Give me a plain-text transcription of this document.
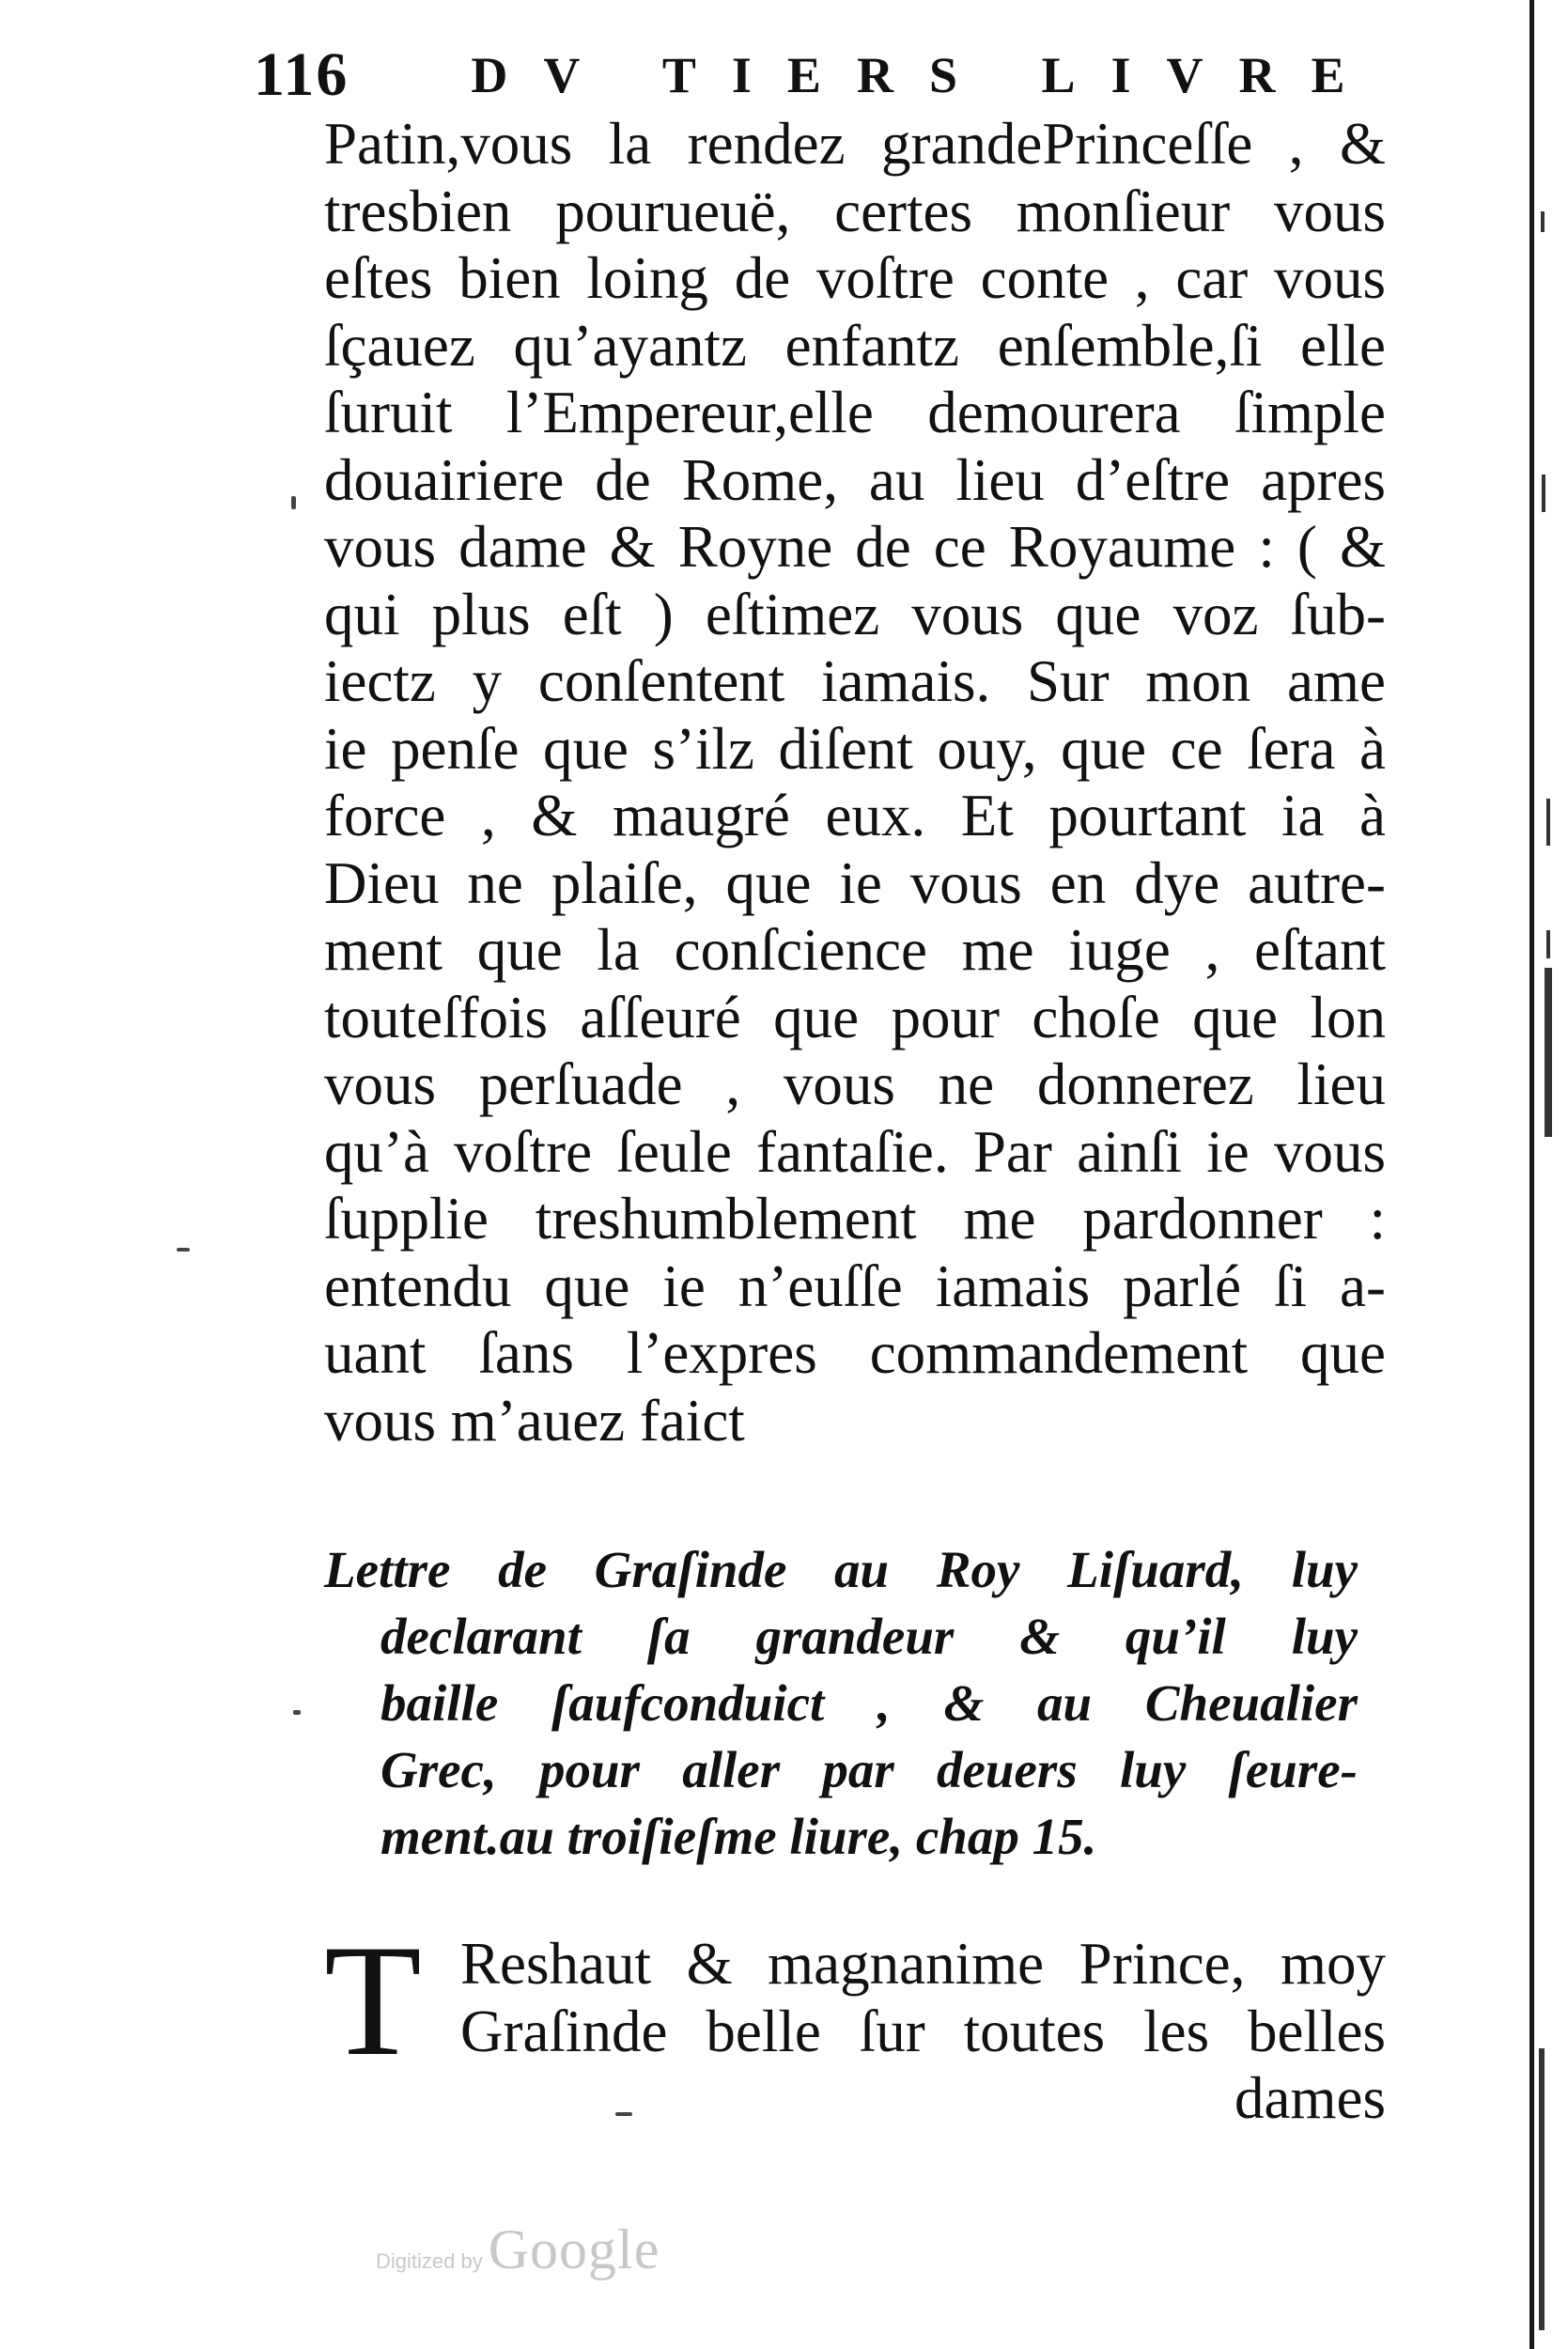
116 DV TIERS LIVRE
Patin,vous la rendez grandePrinceſſe , &
tresbien pourueuë, certes monſieur vous
eſtes bien loing de voſtre conte , car vous
ſçauez qu’ayantz enfantz enſemble,ſi elle
ſuruit l’Empereur,elle demourera ſimple
douairiere de Rome, au lieu d’eſtre apres
vous dame & Royne de ce Royaume : ( &
qui plus eſt ) eſtimez vous que voz ſub-
iectz y conſentent iamais. Sur mon ame
ie penſe que s’ilz diſent ouy, que ce ſera à
force , & maugré eux. Et pourtant ia à
Dieu ne plaiſe, que ie vous en dye autre-
ment que la conſcience me iuge , eſtant
touteſfois aſſeuré que pour choſe que lon
vous perſuade , vous ne donnerez lieu
qu’à voſtre ſeule fantaſie. Par ainſi ie vous
ſupplie treshumblement me pardonner :
entendu que ie n’euſſe iamais parlé ſi a-
uant ſans l’expres commandement que
vous m’auez faict
Lettre de Graſinde au Roy Liſuard, luy
declarant ſa grandeur & qu’il luy
baille ſaufconduict , & au Cheualier
Grec, pour aller par deuers luy ſeure-
ment.au troiſieſme liure, chap 15.
T Reshaut & magnanime Prince, moy
Graſinde belle ſur toutes les belles
dames
Digitized by Google
